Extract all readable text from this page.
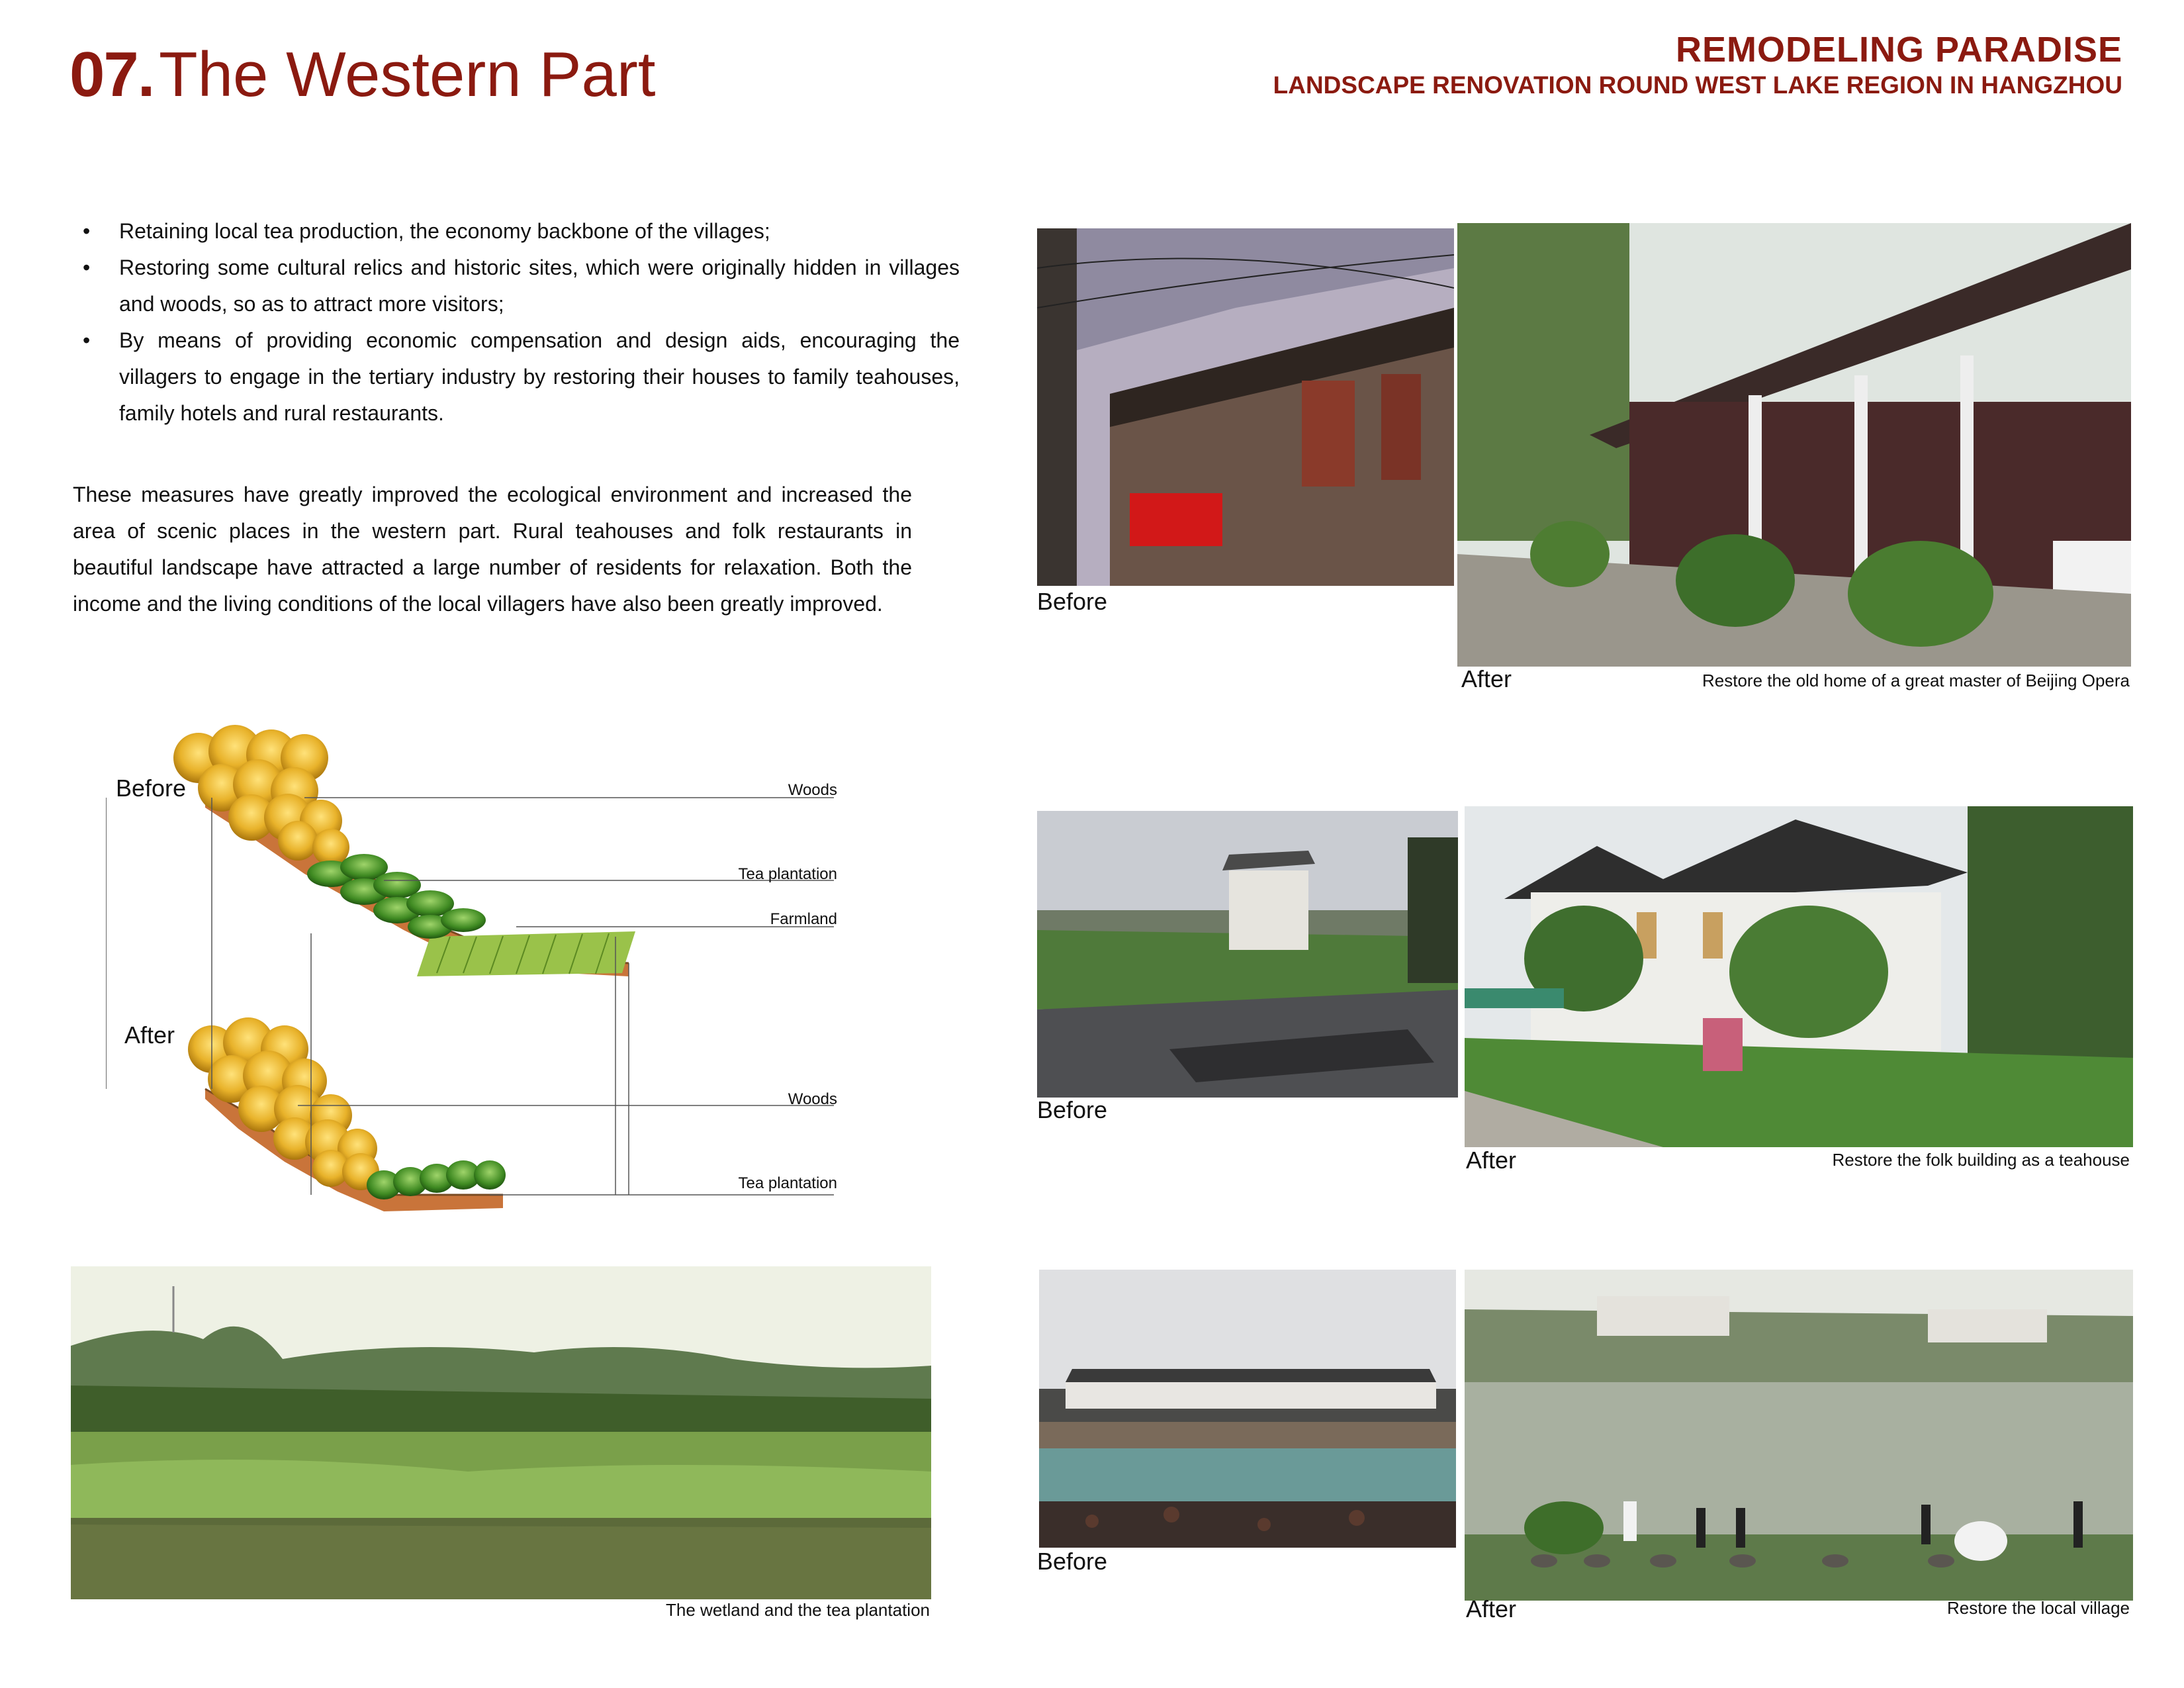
07. The Western Part	REMODELING PARADISE
LANDSCAPE RENOVATION ROUND WEST LAKE REGION IN HANGZHOU
• Retaining local tea production, the economy backbone of the villages;
• Restoring some cultural relics and historic sites, which were originally hidden in villages and woods, so as to attract more visitors;
• By means of providing economic compensation and design aids, encouraging the villagers to engage in the tertiary industry by restoring their houses to family teahouses, family hotels and rural restaurants.

These measures have greatly improved the ecological environment and increased the area of scenic places in the western part. Rural teahouses and folk restaurants in beautiful landscape have attracted a large number of residents for relaxation. Both the income and the living conditions of the local villagers have also been greatly improved.

Before
After
Woods
Tea plantation
Farmland
Woods
Tea plantation
The wetland and the tea plantation
Before
After	Restore the old home of a great master of Beijing Opera
Before
After	Restore the folk building as a teahouse
Before
After	Restore the local village
